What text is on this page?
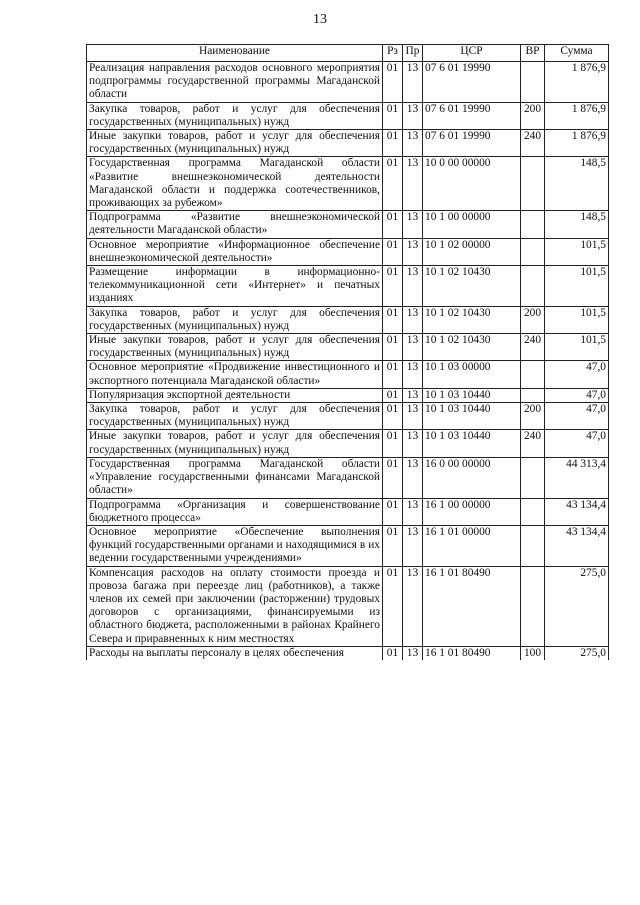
13
Наименование	Рз	Пр	ЦСР	ВР	Сумма
Реализация направления расходов основного мероприятия подпрограммы государственной программы Магаданской области	01	13	07 6 01 19990		1 876,9
Закупка товаров, работ и услуг для обеспечения государственных (муниципальных) нужд	01	13	07 6 01 19990	200	1 876,9
Иные закупки товаров, работ и услуг для обеспечения государственных (муниципальных) нужд	01	13	07 6 01 19990	240	1 876,9
Государственная программа Магаданской области «Развитие внешнеэкономической деятельности Магаданской области и поддержка соотечественников, проживающих за рубежом»	01	13	10 0 00 00000		148,5
Подпрограмма «Развитие внешнеэкономической деятельности Магаданской области»	01	13	10 1 00 00000		148,5
Основное мероприятие «Информационное обеспечение внешнеэкономической деятельности»	01	13	10 1 02 00000		101,5
Размещение информации в информационно-телекоммуникационной сети «Интернет» и печатных изданиях	01	13	10 1 02 10430		101,5
Закупка товаров, работ и услуг для обеспечения государственных (муниципальных) нужд	01	13	10 1 02 10430	200	101,5
Иные закупки товаров, работ и услуг для обеспечения государственных (муниципальных) нужд	01	13	10 1 02 10430	240	101,5
Основное мероприятие «Продвижение инвестиционного и экспортного потенциала Магаданской области»	01	13	10 1 03 00000		47,0
Популяризация экспортной деятельности	01	13	10 1 03 10440		47,0
Закупка товаров, работ и услуг для обеспечения государственных (муниципальных) нужд	01	13	10 1 03 10440	200	47,0
Иные закупки товаров, работ и услуг для обеспечения государственных (муниципальных) нужд	01	13	10 1 03 10440	240	47,0
Государственная программа Магаданской области «Управление государственными финансами Магаданской области»	01	13	16 0 00 00000		44 313,4
Подпрограмма «Организация и совершенствование бюджетного процесса»	01	13	16 1 00 00000		43 134,4
Основное мероприятие «Обеспечение выполнения функций государственными органами и находящимися в их ведении государственными учреждениями»	01	13	16 1 01 00000		43 134,4
Компенсация расходов на оплату стоимости проезда и провоза багажа при переезде лиц (работников), а также членов их семей при заключении (расторжении) трудовых договоров с организациями, финансируемыми из областного бюджета, расположенными в районах Крайнего Севера и приравненных к ним местностях	01	13	16 1 01 80490		275,0
Расходы на выплаты персоналу в целях обеспечения	01	13	16 1 01 80490	100	275,0
